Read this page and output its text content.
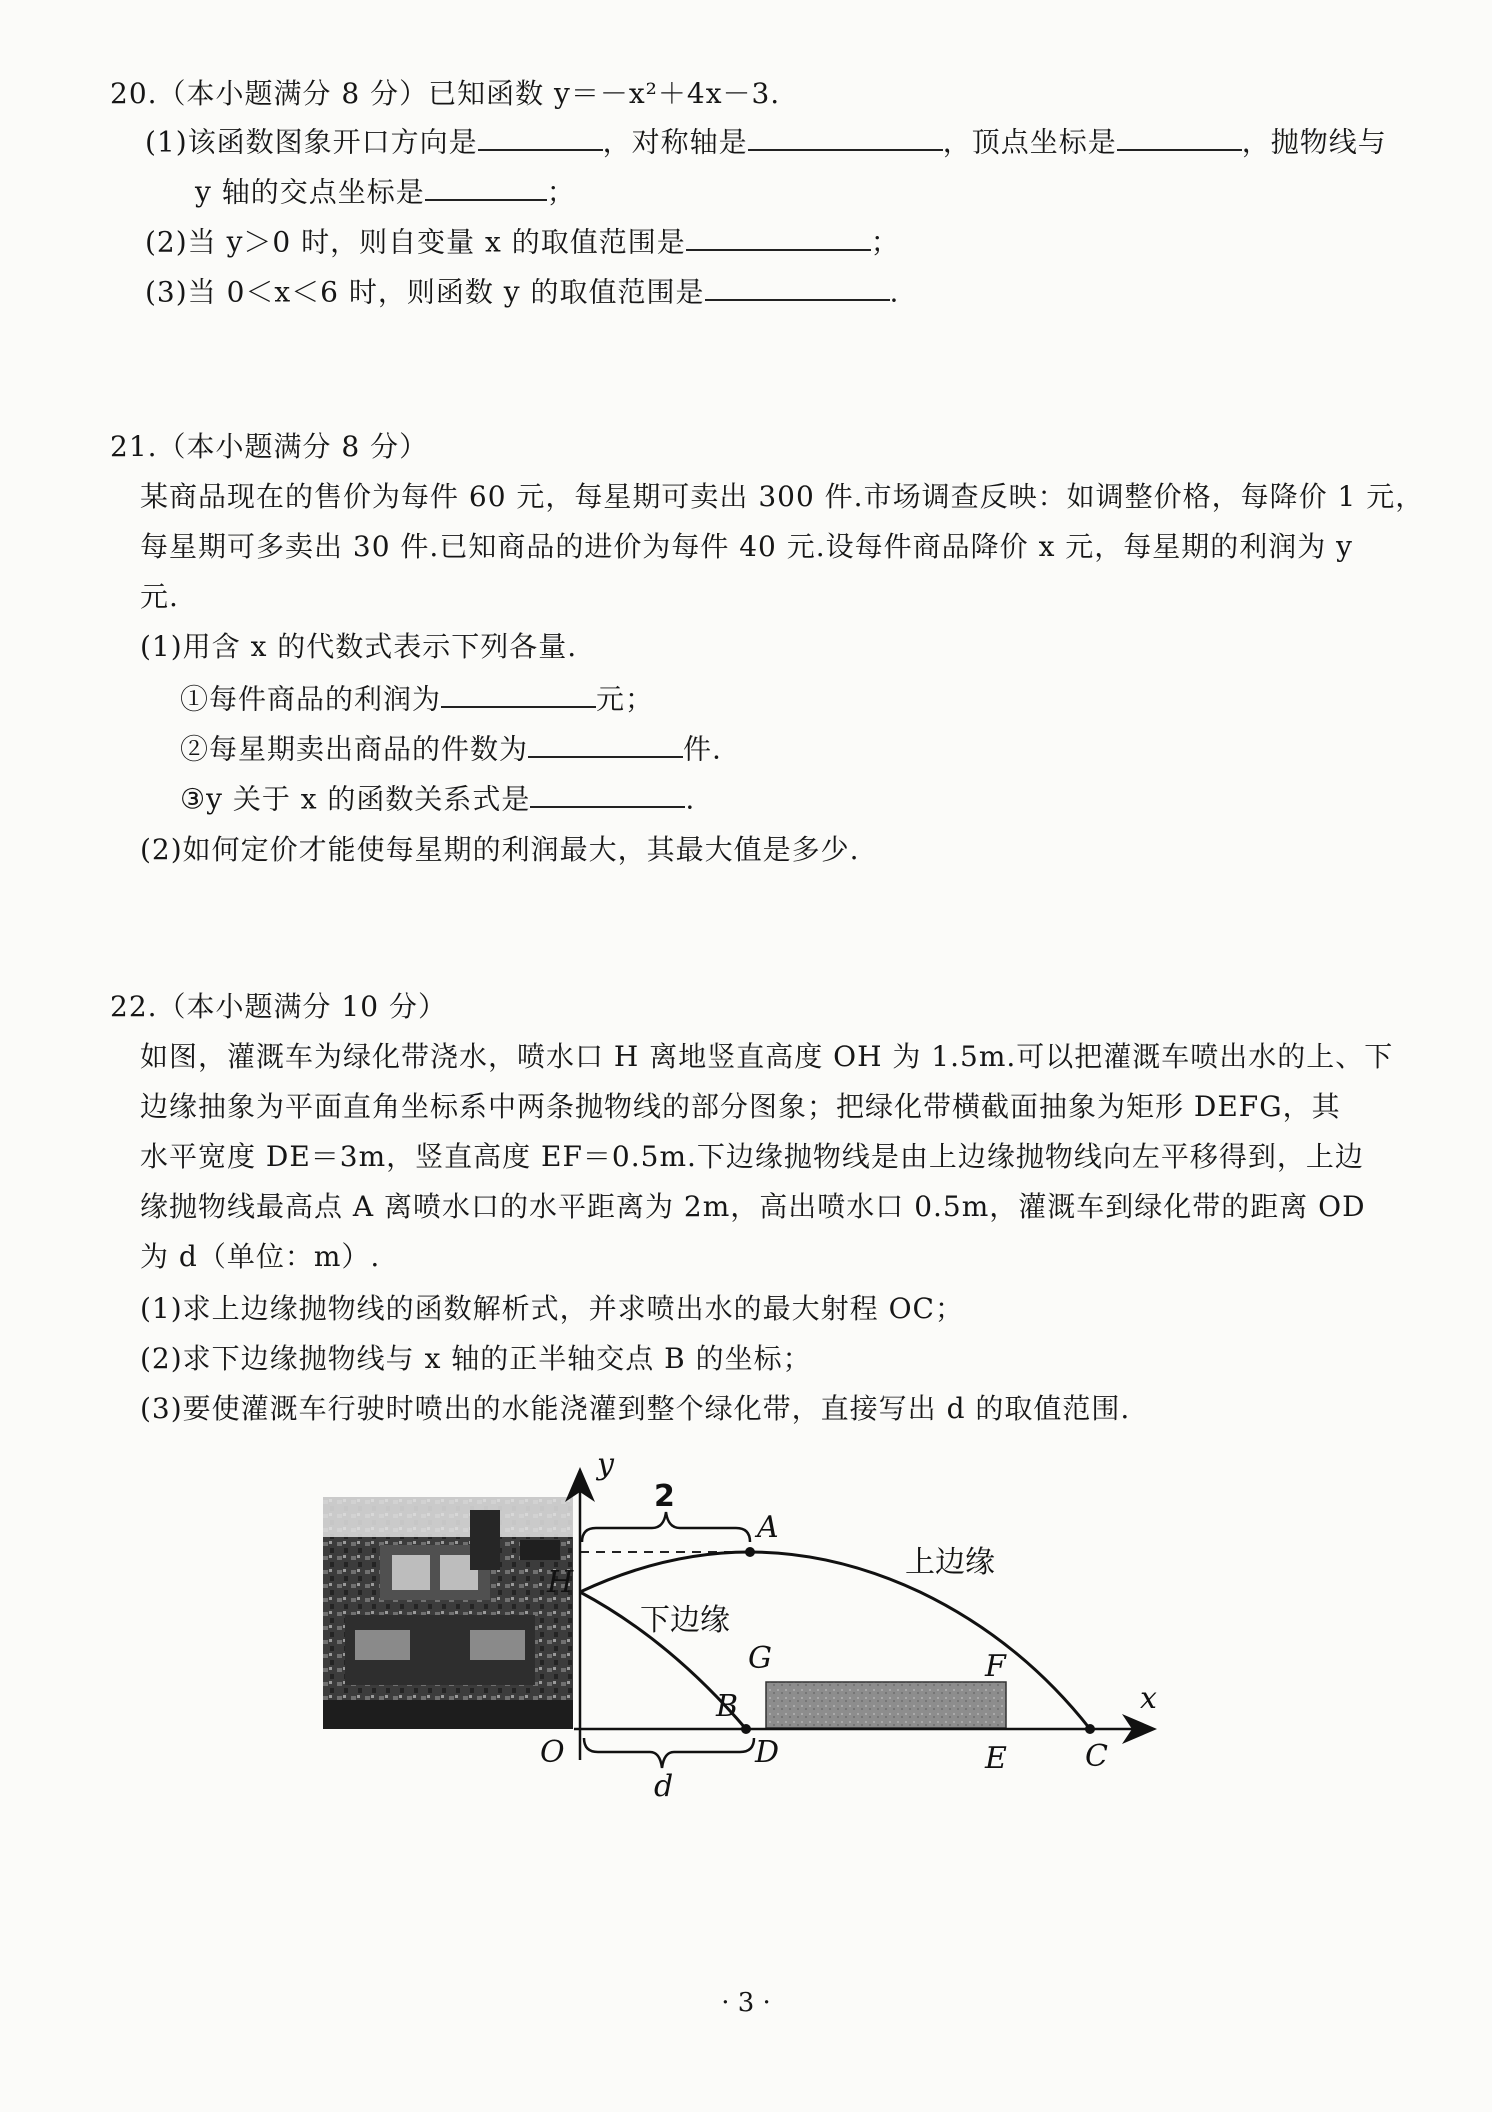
20.（本小题满分 8 分）已知函数 y＝－x²＋4x－3.
(1)该函数图象开口方向是	，对称轴是	，顶点坐标是	，抛物线与
y 轴的交点坐标是	；
(2)当 y＞0 时，则自变量 x 的取值范围是	；
(3)当 0＜x＜6 时，则函数 y 的取值范围是	.
21.（本小题满分 8 分）
某商品现在的售价为每件 60 元，每星期可卖出 300 件.市场调查反映：如调整价格，每降价 1 元，
每星期可多卖出 30 件.已知商品的进价为每件 40 元.设每件商品降价 x 元，每星期的利润为 y
元.
(1)用含 x 的代数式表示下列各量.
①每件商品的利润为	元；
②每星期卖出商品的件数为	件.
③y 关于 x 的函数关系式是	.
(2)如何定价才能使每星期的利润最大，其最大值是多少.
22.（本小题满分 10 分）
如图，灌溉车为绿化带浇水，喷水口 H 离地竖直高度 OH 为 1.5m.可以把灌溉车喷出水的上、下
边缘抽象为平面直角坐标系中两条抛物线的部分图象；把绿化带横截面抽象为矩形 DEFG，其
水平宽度 DE＝3m，竖直高度 EF＝0.5m.下边缘抛物线是由上边缘抛物线向左平移得到，上边
缘抛物线最高点 A 离喷水口的水平距离为 2m，高出喷水口 0.5m，灌溉车到绿化带的距离 OD
为 d（单位：m）.
(1)求上边缘抛物线的函数解析式，并求喷出水的最大射程 OC；
(2)求下边缘抛物线与 x 轴的正半轴交点 B 的坐标；
(3)要使灌溉车行驶时喷出的水能浇灌到整个绿化带，直接写出 d 的取值范围.
y
x
O
H
A
B
C
D	E
F
G
d
2
上边缘
下边缘
· 3 ·
